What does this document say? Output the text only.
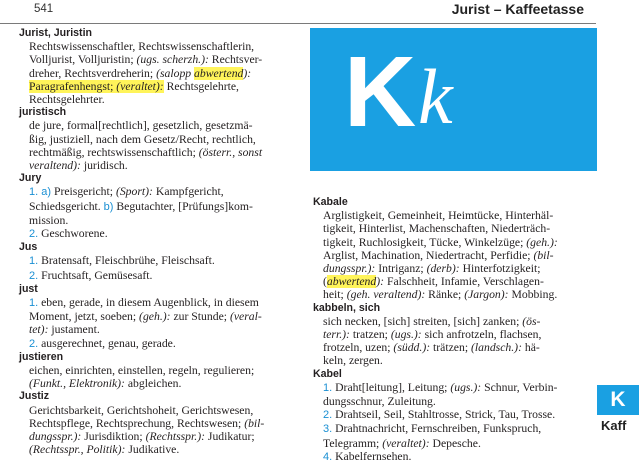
541	Jurist – Kaffeetasse
Jurist, Juristin
Rechtswissenschaftler, Rechtswissenschaftlerin,
Volljurist, Volljuristin; (ugs. scherzh.): Rechtsver-
dreher, Rechtsverdreherin; (salopp abwertend):
Paragrafenhengst; (veraltet): Rechtsgelehrte,
Rechtsgelehrter.
juristisch
de jure, formal[rechtlich], gesetzlich, gesetzmä-
ßig, justiziell, nach dem Gesetz/Recht, rechtlich,
rechtmäßig, rechtswissenschaftlich; (österr., sonst
veraltend): juridisch.
Jury
1. a) Preisgericht; (Sport): Kampfgericht,
Schiedsgericht. b) Begutachter, [Prüfungs]kom-
mission.
2. Geschworene.
Jus
1. Bratensaft, Fleischbrühe, Fleischsaft.
2. Fruchtsaft, Gemüsesaft.
just
1. eben, gerade, in diesem Augenblick, in diesem
Moment, jetzt, soeben; (geh.): zur Stunde; (veral-
tet): justament.
2. ausgerechnet, genau, gerade.
justieren
eichen, einrichten, einstellen, regeln, regulieren;
(Funkt., Elektronik): abgleichen.
Justiz
Gerichtsbarkeit, Gerichtshoheit, Gerichtswesen,
Rechtspflege, Rechtsprechung, Rechtswesen; (bil-
dungsspr.): Jurisdiktion; (Rechtsspr.): Judikatur;
(Rechtsspr., Politik): Judikative.
K k
Kabale
Arglistigkeit, Gemeinheit, Heimtücke, Hinterhäl-
tigkeit, Hinterlist, Machenschaften, Niederträch-
tigkeit, Ruchlosigkeit, Tücke, Winkelzüge; (geh.):
Arglist, Machination, Niedertracht, Perfidie; (bil-
dungsspr.): Intriganz; (derb): Hinterfotzigkeit;
(abwertend): Falschheit, Infamie, Verschlagen-
heit; (geh. veraltend): Ränke; (Jargon): Mobbing.
kabbeln, sich
sich necken, [sich] streiten, [sich] zanken; (ös-
terr.): tratzen; (ugs.): sich anfrotzeln, flachsen,
frotzeln, uzen; (südd.): trätzen; (landsch.): hä-
keln, zergen.
Kabel
1. Draht[leitung], Leitung; (ugs.): Schnur, Verbin-
dungsschnur, Zuleitung.
2. Drahtseil, Seil, Stahltrosse, Strick, Tau, Trosse.
3. Drahtnachricht, Fernschreiben, Funkspruch,
Telegramm; (veraltet): Depesche.
4. Kabelfernsehen.
K
Kaff
